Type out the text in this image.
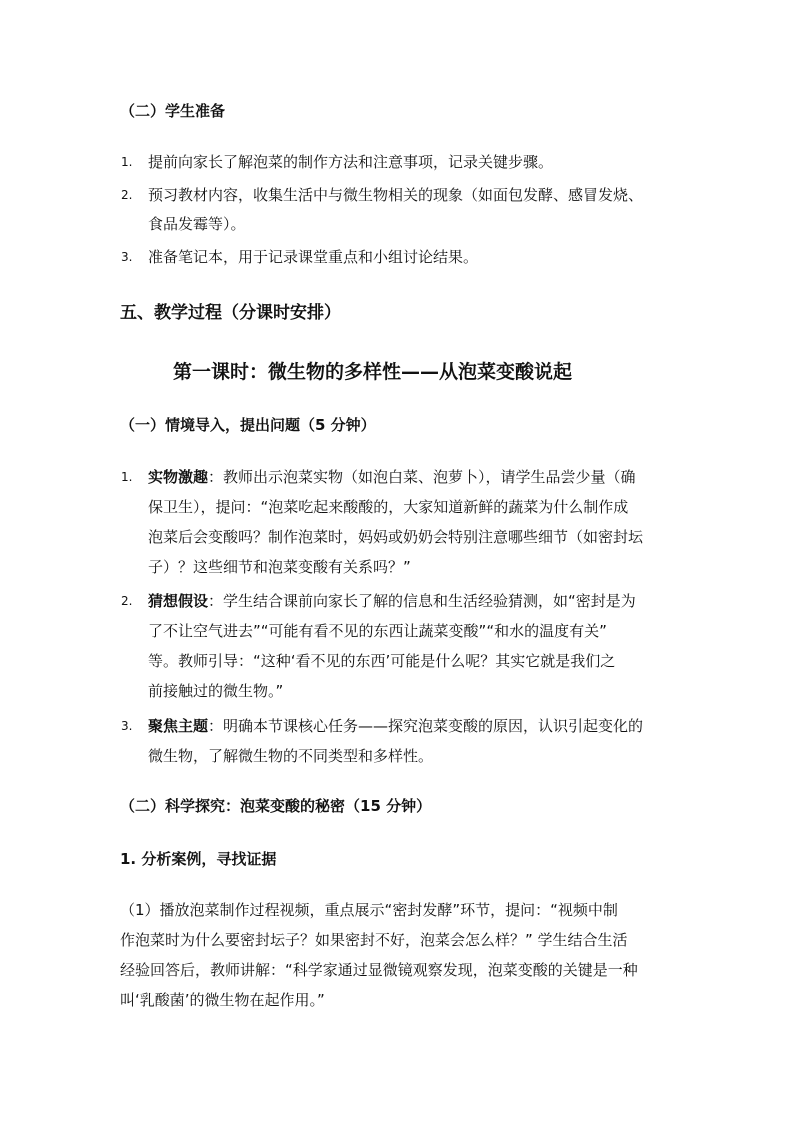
（二）学生准备
1. 提前向家长了解泡菜的制作方法和注意事项，记录关键步骤。
2. 预习教材内容，收集生活中与微生物相关的现象（如面包发酵、感冒发烧、
食品发霉等）。
3. 准备笔记本，用于记录课堂重点和小组讨论结果。
五、教学过程（分课时安排）
第一课时：微生物的多样性——从泡菜变酸说起
（一）情境导入，提出问题（5 分钟）
1. 实物激趣：教师出示泡菜实物（如泡白菜、泡萝卜），请学生品尝少量（确
保卫生），提问：“泡菜吃起来酸酸的，大家知道新鲜的蔬菜为什么制作成
泡菜后会变酸吗？制作泡菜时，妈妈或奶奶会特别注意哪些细节（如密封坛
子）？这些细节和泡菜变酸有关系吗？”
2. 猜想假设：学生结合课前向家长了解的信息和生活经验猜测，如“密封是为
了不让空气进去”“可能有看不见的东西让蔬菜变酸”“和水的温度有关”
等。教师引导：“这种‘看不见的东西’可能是什么呢？其实它就是我们之
前接触过的微生物。”
3. 聚焦主题：明确本节课核心任务——探究泡菜变酸的原因，认识引起变化的
微生物，了解微生物的不同类型和多样性。
（二）科学探究：泡菜变酸的秘密（15 分钟）
1. 分析案例，寻找证据
（1）播放泡菜制作过程视频，重点展示“密封发酵”环节，提问：“视频中制
作泡菜时为什么要密封坛子？如果密封不好，泡菜会怎么样？” 学生结合生活
经验回答后，教师讲解：“科学家通过显微镜观察发现，泡菜变酸的关键是一种
叫‘乳酸菌’的微生物在起作用。”
